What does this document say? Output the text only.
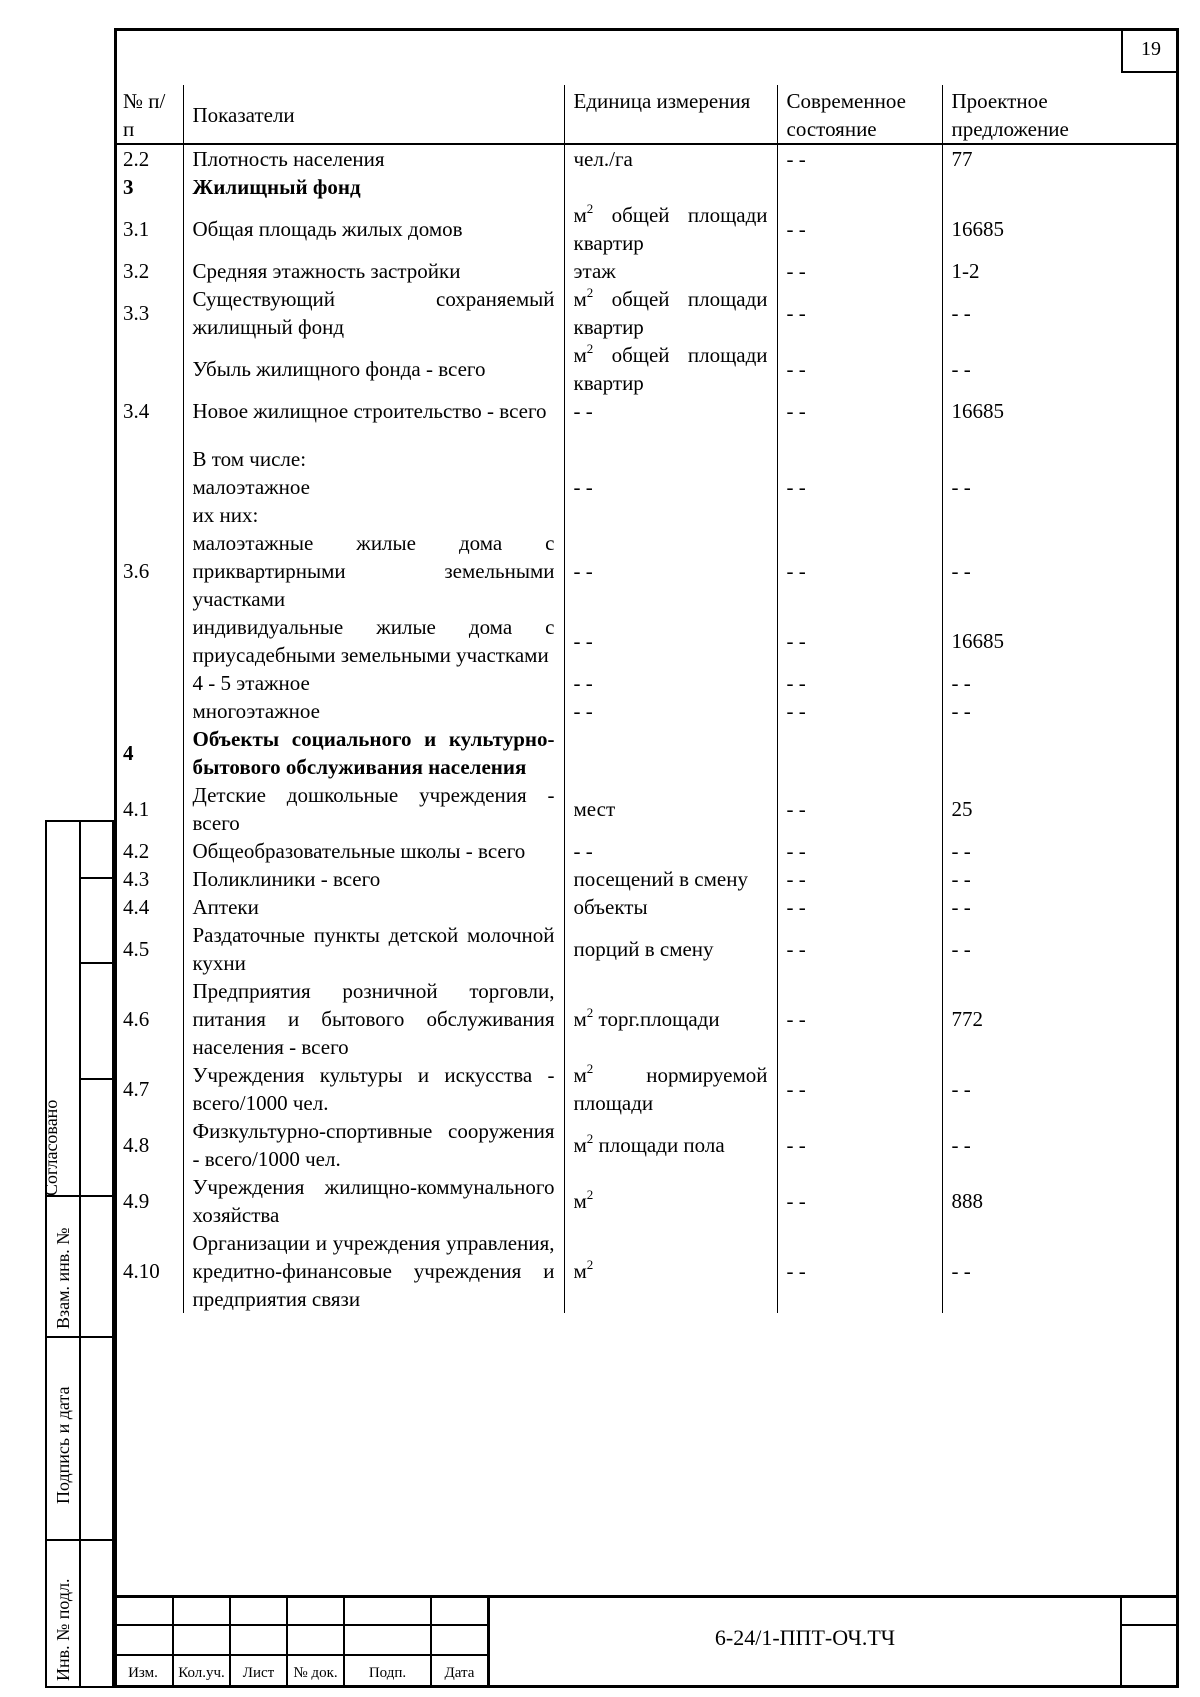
19
№ п/п	Показатели	Единица измерения	Современное состояние	Проектное предложение
2.2	Плотность населения	чел./га	- -	77
3	Жилищный фонд			
3.1	Общая площадь жилых домов	$м^2$ общей площади квартир	- -	16685
3.2	Средняя этажность застройки	этаж	- -	1-2
3.3	Существующий сохраняемый жилищный фонд	$м^2$ общей площади квартир	- -	- -
	Убыль жилищного фонда - всего	$м^2$ общей площади квартир	- -	- -
3.4	Новое жилищное строительство - всего	- -	- -	16685
	В том числе:			
	малоэтажное	- -	- -	- -
	их них:			
3.6	малоэтажные жилые дома с приквартирными земельными участками	- -	- -	- -
	индивидуальные жилые дома с приусадебными земельными участками	- -	- -	16685
	4 - 5 этажное	- -	- -	- -
	многоэтажное	- -	- -	- -
4	Объекты социального и культурно-бытового обслуживания населения			
4.1	Детские дошкольные учреждения - всего	мест	- -	25
4.2	Общеобразовательные школы - всего	- -	- -	- -
4.3	Поликлиники - всего	посещений в смену	- -	- -
4.4	Аптеки	объекты	- -	- -
4.5	Раздаточные пункты детской молочной кухни	порций в смену	- -	- -
4.6	Предприятия розничной торговли, питания и бытового обслуживания населения - всего	$м^2$ торг.площади	- -	772
4.7	Учреждения культуры и искусства - всего/1000 чел.	$м^2$ нормируемой площади	- -	- -
4.8	Физкультурно-спортивные сооружения - всего/1000 чел.	$м^2$ площади пола	- -	- -
4.9	Учреждения жилищно-коммунального хозяйства	$м^2$	- -	888
4.10	Организации и учреждения управления, кредитно-финансовые учреждения и предприятия связи	$м^2$	- -	- -
Согласовано
Взам. инв. №
Подпись и дата
Инв. № подл.	6-24/1-ППТ-ОЧ.ТЧ
Изм.	Кол.уч.	Лист	№ док.	Подп.	Дата
